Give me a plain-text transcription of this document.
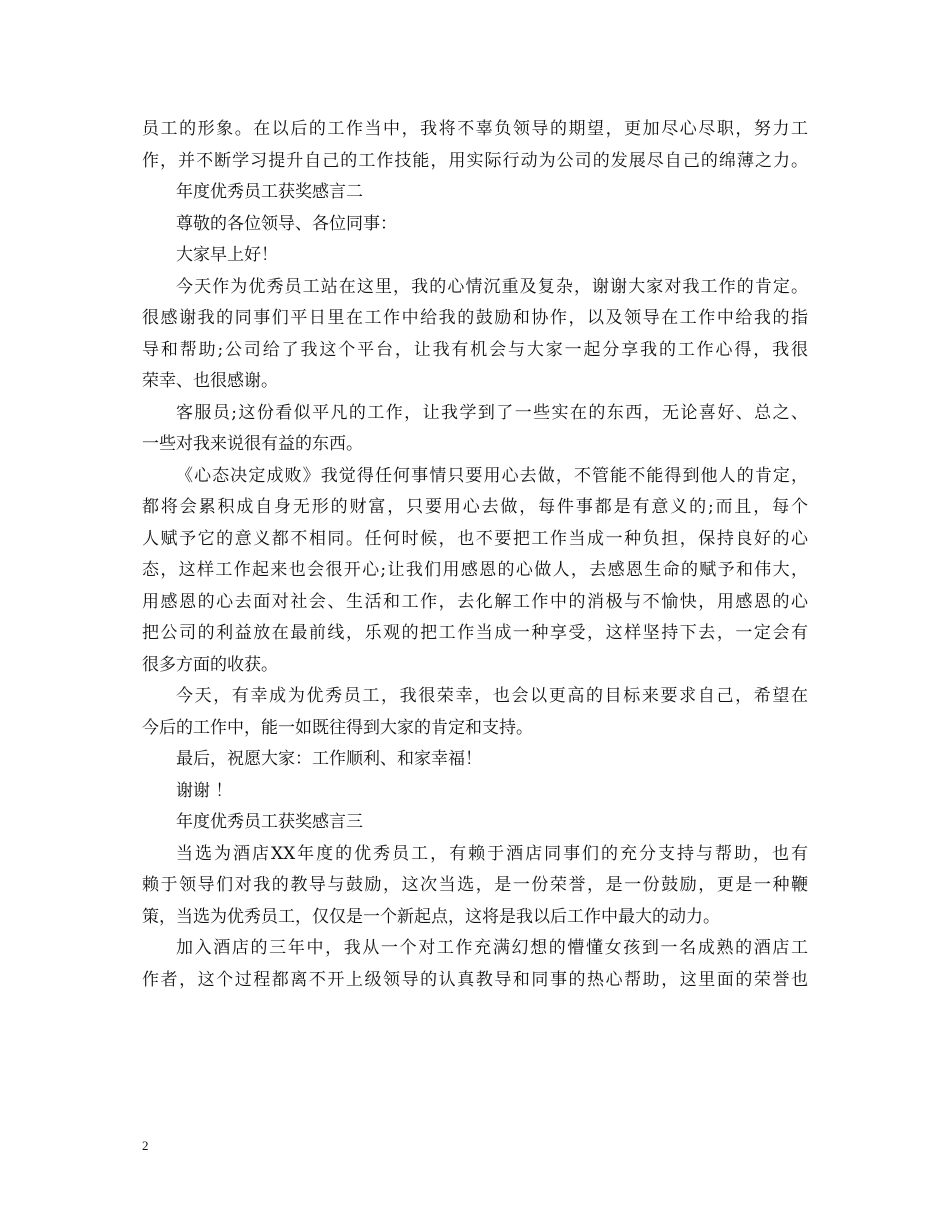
员工的形象。在以后的工作当中，我将不辜负领导的期望，更加尽心尽职，努力工
作，并不断学习提升自己的工作技能，用实际行动为公司的发展尽自己的绵薄之力。
年度优秀员工获奖感言二
尊敬的各位领导、各位同事：
大家早上好！
今天作为优秀员工站在这里，我的心情沉重及复杂，谢谢大家对我工作的肯定。
很感谢我的同事们平日里在工作中给我的鼓励和协作，以及领导在工作中给我的指
导和帮助;公司给了我这个平台，让我有机会与大家一起分享我的工作心得，我很
荣幸、也很感谢。
客服员;这份看似平凡的工作，让我学到了一些实在的东西，无论喜好、总之、
一些对我来说很有益的东西。
《心态决定成败》我觉得任何事情只要用心去做，不管能不能得到他人的肯定，
都将会累积成自身无形的财富，只要用心去做，每件事都是有意义的;而且，每个
人赋予它的意义都不相同。任何时候，也不要把工作当成一种负担，保持良好的心
态，这样工作起来也会很开心;让我们用感恩的心做人，去感恩生命的赋予和伟大，
用感恩的心去面对社会、生活和工作，去化解工作中的消极与不愉快，用感恩的心
把公司的利益放在最前线，乐观的把工作当成一种享受，这样坚持下去，一定会有
很多方面的收获。
今天，有幸成为优秀员工，我很荣幸，也会以更高的目标来要求自己，希望在
今后的工作中，能一如既往得到大家的肯定和支持。
最后，祝愿大家：工作顺利、和家幸福！
谢谢 ！
年度优秀员工获奖感言三
当选为酒店XX年度的优秀员工，有赖于酒店同事们的充分支持与帮助，也有
赖于领导们对我的教导与鼓励，这次当选，是一份荣誉，是一份鼓励，更是一种鞭
策，当选为优秀员工，仅仅是一个新起点，这将是我以后工作中最大的动力。
加入酒店的三年中，我从一个对工作充满幻想的懵懂女孩到一名成熟的酒店工
作者，这个过程都离不开上级领导的认真教导和同事的热心帮助，这里面的荣誉也
2
